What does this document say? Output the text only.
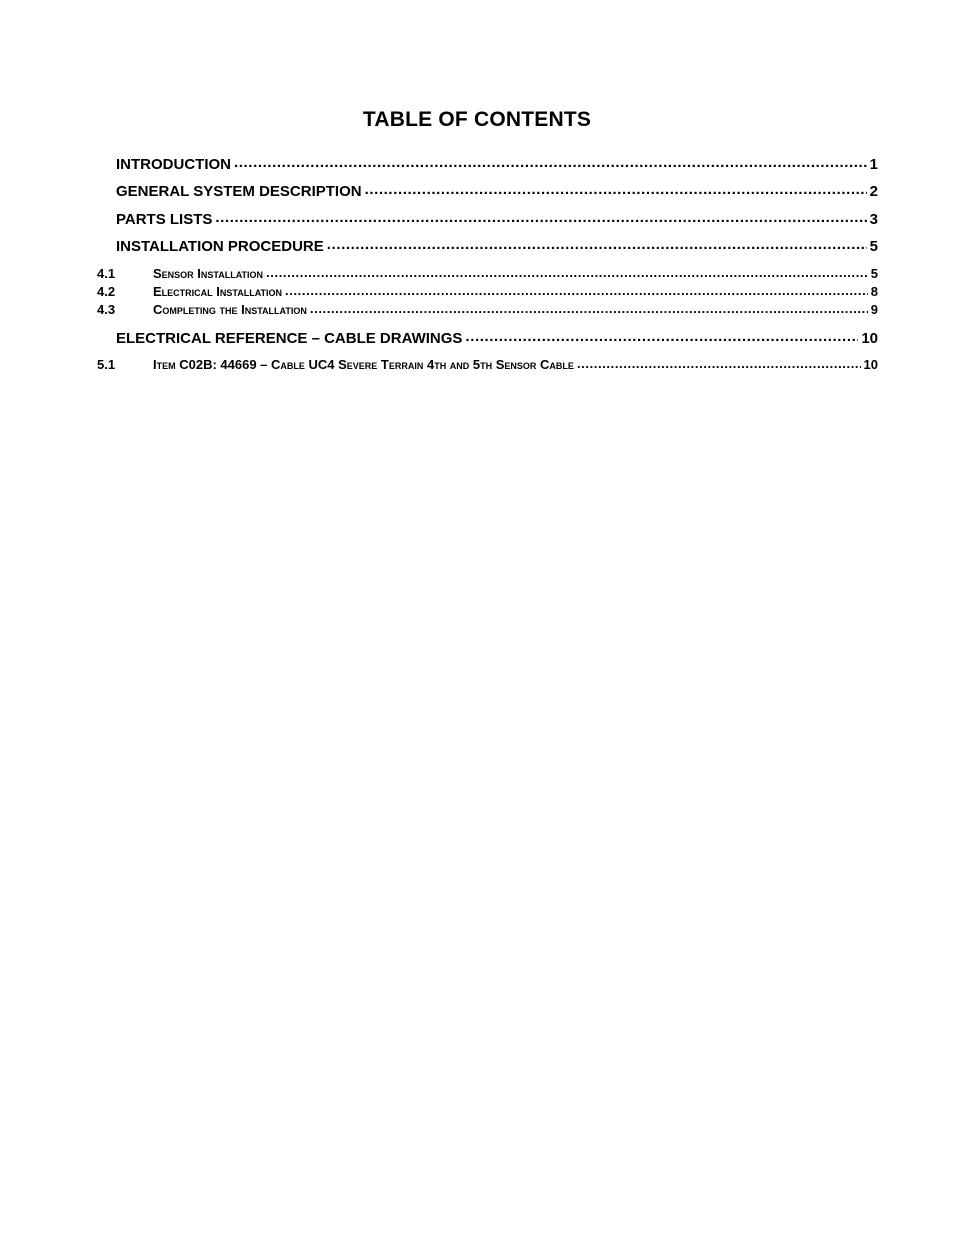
TABLE OF CONTENTS
INTRODUCTION .....	1
GENERAL SYSTEM DESCRIPTION .....	2
PARTS LISTS .....	3
INSTALLATION PROCEDURE .....	5
4.1	Sensor Installation .....	5
4.2	Electrical Installation .....	8
4.3	Completing the Installation .....	9
ELECTRICAL REFERENCE – CABLE DRAWINGS .....	10
5.1	Item C02B: 44669 – Cable UC4 Severe Terrain 4th and 5th Sensor Cable .....	10
